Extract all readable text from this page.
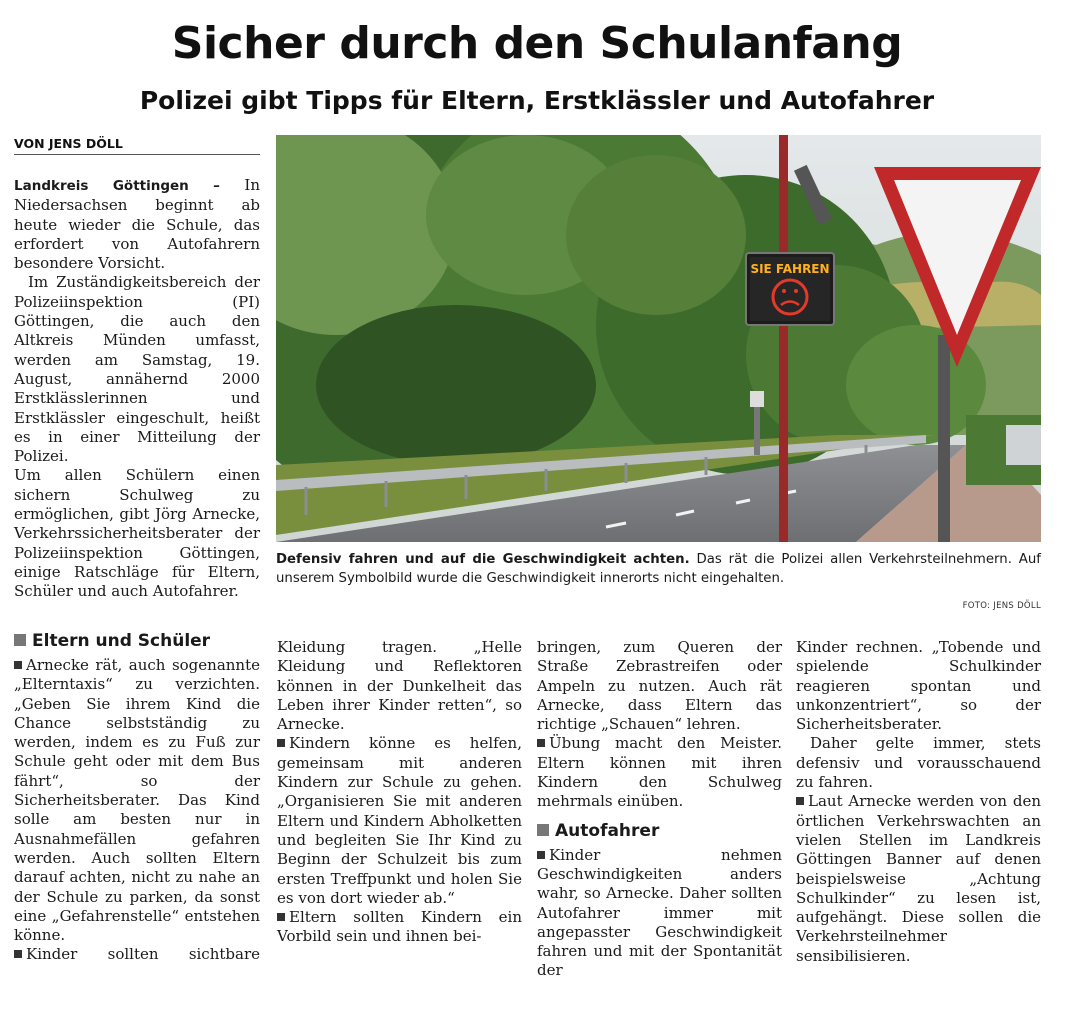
Sicher durch den Schulanfang
Polizei gibt Tipps für Eltern, Erstklässler und Autofahrer
VON JENS DÖLL

Landkreis Göttingen – In Niedersachsen beginnt ab heute wieder die Schule, das erfordert von Autofahrern besondere Vorsicht.

Im Zuständigkeitsbereich der Polizeiinspektion (PI) Göttingen, die auch den Altkreis Münden umfasst, werden am Samstag, 19. August, annähernd 2000 Erstklässlerinnen und Erstklässler eingeschult, heißt es in einer Mitteilung der Polizei.

Um allen Schülern einen sichern Schulweg zu ermöglichen, gibt Jörg Arnecke, Verkehrssicherheitsberater der Polizeiinspektion Göttingen, einige Ratschläge für Eltern, Schüler und auch Autofahrer.

SIE FAHREN
Defensiv fahren und auf die Geschwindigkeit achten. Das rät die Polizei allen Verkehrsteilnehmern. Auf unserem Symbolbild wurde die Geschwindigkeit innerorts nicht eingehalten.
FOTO: JENS DÖLL
Eltern und Schüler

Arnecke rät, auch sogenannte „Elterntaxis“ zu verzichten. „Geben Sie ihrem Kind die Chance selbstständig zu werden, indem es zu Fuß zur Schule geht oder mit dem Bus fährt“, so der Sicherheitsberater. Das Kind solle am besten nur in Ausnahmefällen gefahren werden. Auch sollten Eltern darauf achten, nicht zu nahe an der Schule zu parken, da sonst eine „Gefahrenstelle“ entstehen könne.

Kinder sollten sichtbare

Kleidung tragen. „Helle Kleidung und Reflektoren können in der Dunkelheit das Leben ihrer Kinder retten“, so Arnecke.

Kindern könne es helfen, gemeinsam mit anderen Kindern zur Schule zu gehen. „Organisieren Sie mit anderen Eltern und Kindern Abholketten und begleiten Sie Ihr Kind zu Beginn der Schulzeit bis zum ersten Treffpunkt und holen Sie es von dort wieder ab.“

Eltern sollten Kindern ein Vorbild sein und ihnen bei-

bringen, zum Queren der Straße Zebrastreifen oder Ampeln zu nutzen. Auch rät Arnecke, dass Eltern das richtige „Schauen“ lehren.

Übung macht den Meister. Eltern können mit ihren Kindern den Schulweg mehrmals einüben.

Autofahrer

Kinder nehmen Geschwindigkeiten anders wahr, so Arnecke. Daher sollten Autofahrer immer mit angepasster Geschwindigkeit fahren und mit der Spontanität der

Kinder rechnen. „Tobende und spielende Schulkinder reagieren spontan und unkonzentriert“, so der Sicherheitsberater.

Daher gelte immer, stets defensiv und vorausschauend zu fahren.

Laut Arnecke werden von den örtlichen Verkehrswachten an vielen Stellen im Landkreis Göttingen Banner auf denen beispielsweise „Achtung Schulkinder“ zu lesen ist, aufgehängt. Diese sollen die Verkehrsteilnehmer sensibilisieren.
